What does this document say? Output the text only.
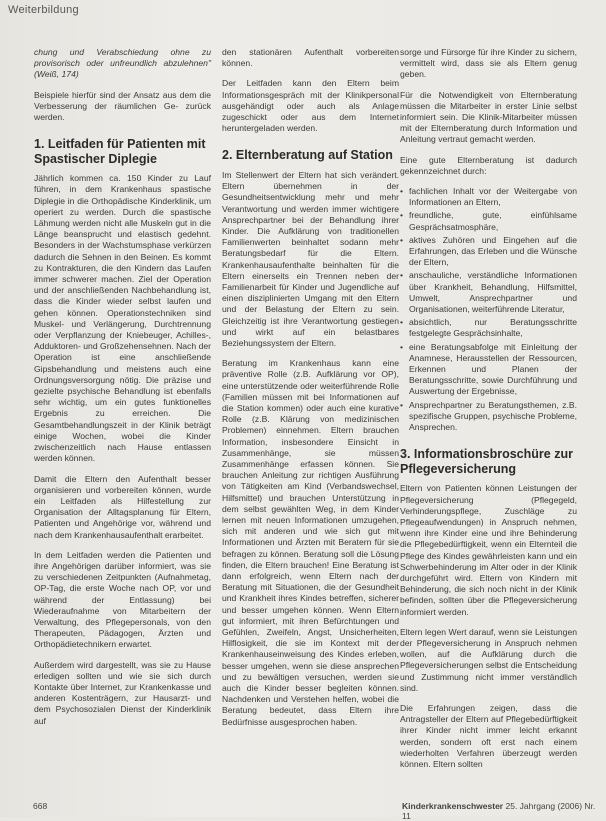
Weiterbildung

chung und Verabschiedung ohne zu provisorisch oder unfreundlich abzulehnen" (Weiß, 174)

Beispiele hierfür sind der Ansatz aus dem die Verbesserung der räumlichen Ge- zurück werden.

1. Leitfaden für Patienten mit Spastischer Diplegie

Jährlich kommen ca. 150 Kinder zu Lauf führen, in dem Krankenhaus spastische Diplegie in die Orthopädische Kinderklinik, um operiert zu werden. Durch die spastische Lähmung werden nicht alle Muskeln gut in die Länge beansprucht und elastisch gedehnt. Besonders in der Wachstumsphase verkürzen dadurch die Sehnen in den Beinen. Es kommt zu Kontrakturen, die den Kindern das Laufen immer schwerer machen. Ziel der Operation und der anschließenden Nachbehandlung ist, dass die Kinder wieder selbst laufen und gehen können. Operationstechniken sind Muskel- und Verlängerung, Durchtrennung oder Verpflanzung der Kniebeuger, Achilles-, Adduktoren- und Großzehensehnen. Nach der Operation ist eine anschließende Gipsbehandlung und meistens auch eine Ordnungsversorgung nötig. Die präzise und gezielte psychische Behandlung ist ebenfalls sehr wichtig, um ein gutes funktionelles Ergebnis zu erreichen. Die Gesamtbehandlungszeit in der Klinik beträgt einige Wochen, wobei die Kinder zwischenzeitlich nach Hause entlassen werden können.

Damit die Eltern den Aufenthalt besser organisieren und vorbereiten können, wurde ein Leitfaden als Hilfestellung zur Organisation der Alltagsplanung für Eltern, Patienten und Angehörige vor, während und nach dem Krankenhausaufenthalt erarbeitet.

In dem Leitfaden werden die Patienten und ihre Angehörigen darüber informiert, was sie zu verschiedenen Zeitpunkten (Aufnahmetag, OP-Tag, die erste Woche nach OP, vor und während der Entlassung) bei Wiederaufnahme von Mitarbeitern der Verwaltung, des Pflegepersonals, von den Therapeuten, Pädagogen, Ärzten und Orthopädietechnikern erwartet.

Außerdem wird dargestellt, was sie zu Hause erledigen sollten und wie sie sich durch Kontakte über Internet, zur Krankenkasse und anderen Kostenträgern, zur Hausarzt- und dem Psychosozialen Dienst der Kinderklinik auf

den stationären Aufenthalt vorbereiten können.

Der Leitfaden kann den Eltern beim Informationsgespräch mit der Klinikpersonal ausgehändigt oder auch als Anlage zugeschickt oder aus dem Internet heruntergeladen werden.

2. Elternberatung auf Station

Im Stellenwert der Eltern hat sich verändert. Eltern übernehmen in der Gesundheitsentwicklung mehr und mehr Verantwortung und werden immer wichtigere Ansprechpartner bei der Behandlung ihrer Kinder. Die Aufklärung von traditionellen Familienwerten beinhaltet sodann mehr Beratungsbedarf für die Eltern. Krankenhausaufenthalte beinhalten für die Eltern einerseits ein Trennen neben der Familienarbeit für Kinder und Jugendliche auf einen disziplinierten Umgang mit den Eltern und der Belastung der Eltern zu sein. Gleichzeitig ist ihre Verantwortung gestiegen und wirkt auf ein belastbares Beziehungssystem der Eltern.

Beratung im Krankenhaus kann eine präventive Rolle (z.B. Aufklärung vor OP), eine unterstützende oder weiterführende Rolle (Familien müssen mit bei Informationen auf die Station kommen) oder auch eine kurative Rolle (z.B. Klärung von medizinischen Problemen) einnehmen. Eltern brauchen Information, insbesondere Einsicht in Zusammenhänge, sie müssen Zusammenhänge erfassen können. Sie brauchen Anleitung zur richtigen Ausführung von Tätigkeiten am Kind (Verbandswechsel, Hilfsmittel) und brauchen Unterstützung in dem selbst gewählten Weg, in dem Kinder lernen mit neuen Informationen umzugehen, sich mit anderen und wie sich gut mit Informationen und Ärzten mit Beratern für sie befragen zu können. Beratung soll die Lösung finden, die Eltern brauchen! Eine Beratung ist dann erfolgreich, wenn Eltern nach der Beratung mit Situationen, die der Gesundheit und Krankheit ihres Kindes betreffen, sicherer und besser umgehen können. Wenn Eltern gut informiert, mit ihren Befürchtungen und Gefühlen, Zweifeln, Angst, Unsicherheiten, Hilflosigkeit, die sie im Kontext mit der Krankenhauseinweisung des Kindes erleben, besser umgehen, wenn sie diese ansprechen und zu bewältigen versuchen, werden sie auch die Kinder besser begleiten können. Nachdenken und Verstehen helfen, wobei die Beratung bedeutet, dass Eltern ihre Bedürfnisse ausgesprochen haben.

sorge und Fürsorge für ihre Kinder zu sichern, vermittelt wird, dass sie als Eltern genug geben.

Für die Notwendigkeit von Elternberatung müssen die Mitarbeiter in erster Linie selbst informiert sein. Die Klinik-Mitarbeiter müssen mit der Elternberatung durch Information und Anleitung vertraut gemacht werden.

Eine gute Elternberatung ist dadurch gekennzeichnet durch:

• fachlichen Inhalt vor der Weitergabe von Informationen an Eltern,
• freundliche, gute, einfühlsame Gesprächsatmosphäre,
• aktives Zuhören und Eingehen auf die Erfahrungen, das Erleben und die Wünsche der Eltern,
• anschauliche, verständliche Informationen über Krankheit, Behandlung, Hilfsmittel, Umwelt, Ansprechpartner und Organisationen, weiterführende Literatur,
• absichtlich, nur Beratungsschritte festgelegte Gesprächsinhalte,
• eine Beratungsabfolge mit Einleitung der Anamnese, Herausstellen der Ressourcen, Erkennen und Planen der Beratungsschritte, sowie Durchführung und Auswertung der Ergebnisse,
• Ansprechpartner zu Beratungsthemen, z.B. spezifische Gruppen, psychische Probleme, Ansprechen.
3. Informationsbroschüre zur Pflegeversicherung

Eltern von Patienten können Leistungen der Pflegeversicherung (Pflegegeld, Verhinderungspflege, Zuschläge zu Pflegeaufwendungen) in Anspruch nehmen, wenn ihre Kinder eine und ihre Behinderung die Pflegebedürftigkeit, wenn ein Elternteil die Pflege des Kindes gewährleisten kann und ein Schwerbehinderung im Alter oder in der Klinik durchgeführt wird. Eltern von Kindern mit Behinderung, die sich noch nicht in der Klinik befinden, sollten über die Pflegeversicherung informiert werden.

Eltern legen Wert darauf, wenn sie Leistungen der Pflegeversicherung in Anspruch nehmen wollen, auf die Aufklärung durch die Pflegeversicherungen selbst die Entscheidung und Zustimmung nicht immer verständlich sind.

Die Erfahrungen zeigen, dass die Antragsteller der Eltern auf Pflegebedürftigkeit ihrer Kinder nicht immer leicht erkannt werden, sondern oft erst nach einem wiederholten Verfahren überzeugt werden können. Eltern sollten

668	Kinderkrankenschwester 25. Jahrgang (2006) Nr. 11
